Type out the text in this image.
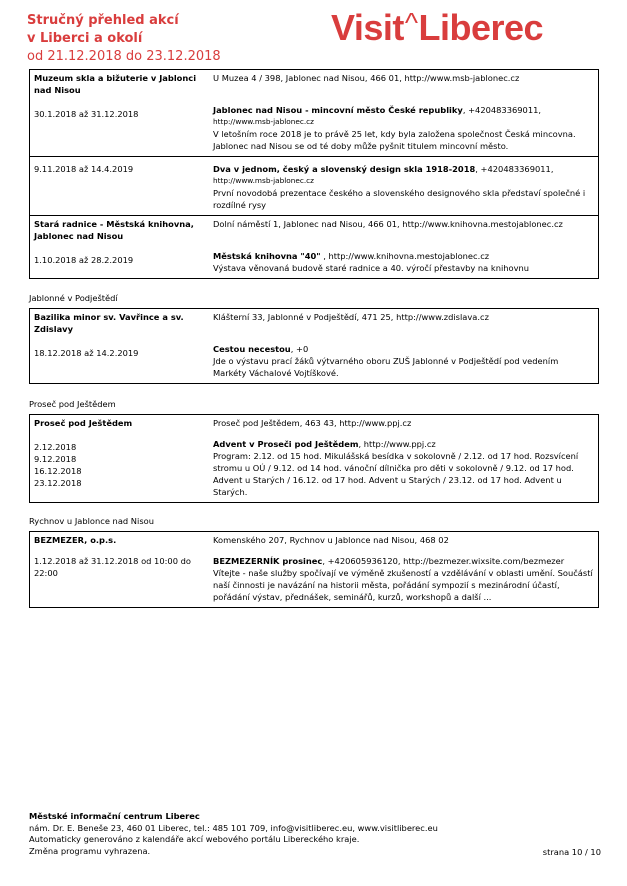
Stručný přehled akcí
v Liberci a okolí
od 21.12.2018 do 23.12.2018
Visit^Liberec
Muzeum skla a bižuterie v Jablonci nad Nisou
30.1.2018 až 31.12.2018
U Muzea 4 / 398, Jablonec nad Nisou, 466 01, http://www.msb-jablonec.cz
Jablonec nad Nisou - mincovní město České republiky, +420483369011,
http://www.msb-jablonec.cz
V letošním roce 2018 je to právě 25 let, kdy byla založena společnost Česká mincovna. Jablonec nad Nisou se od té doby může pyšnit titulem mincovní město.
9.11.2018 až 14.4.2019	Dva v jednom, český a slovenský design skla 1918-2018, +420483369011,
http://www.msb-jablonec.cz
První novodobá prezentace českého a slovenského designového skla představí společné i rozdílné rysy
Stará radnice - Městská knihovna, Jablonec nad Nisou
1.10.2018 až 28.2.2019
Dolní náměstí 1, Jablonec nad Nisou, 466 01, http://www.knihovna.mestojablonec.cz
Městská knihovna "40" , http://www.knihovna.mestojablonec.cz
Výstava věnovaná budově staré radnice a 40. výročí přestavby na knihovnu
Jablonné v Podještědí
Bazilika minor sv. Vavřince a sv. Zdislavy
18.12.2018 až 14.2.2019
Klášterní 33, Jablonné v Podještědí, 471 25, http://www.zdislava.cz
Cestou necestou, +0
Jde o výstavu prací žáků výtvarného oboru ZUŠ Jablonné v Podještědí pod vedením Markéty Váchalové Vojtíškové.
Proseč pod Ještědem
Proseč pod Ještědem
2.12.2018
9.12.2018
16.12.2018
23.12.2018
Proseč pod Ještědem, 463 43, http://www.ppj.cz
Advent v Proseči pod Ještědem, http://www.ppj.cz
Program: 2.12. od 15 hod. Mikulášská besídka v sokolovně / 2.12. od 17 hod. Rozsvícení stromu u OÚ / 9.12. od 14 hod. vánoční dílnička pro děti v sokolovně / 9.12. od 17 hod. Advent u Starých / 16.12. od 17 hod. Advent u Starých / 23.12. od 17 hod. Advent u Starých.
Rychnov u Jablonce nad Nisou
BEZMEZER, o.p.s.
1.12.2018 až 31.12.2018 od 10:00 do 22:00
Komenského 207, Rychnov u Jablonce nad Nisou, 468 02
BEZMEZERNÍK prosinec, +420605936120, http://bezmezer.wixsite.com/bezmezer
Vítejte - naše služby spočívají ve výměně zkušeností a vzdělávání v oblasti umění. Součástí naší činnosti je navázání na historii města, pořádání sympozií s mezinárodní účastí, pořádání výstav, přednášek, seminářů, kurzů, workshopů a další ...
Městské informační centrum Liberec
nám. Dr. E. Beneše 23, 460 01 Liberec, tel.: 485 101 709, info@visitliberec.eu, www.visitliberec.eu
Automaticky generováno z kalendáře akcí webového portálu Libereckého kraje.
Změna programu vyhrazena.	strana 10 / 10
